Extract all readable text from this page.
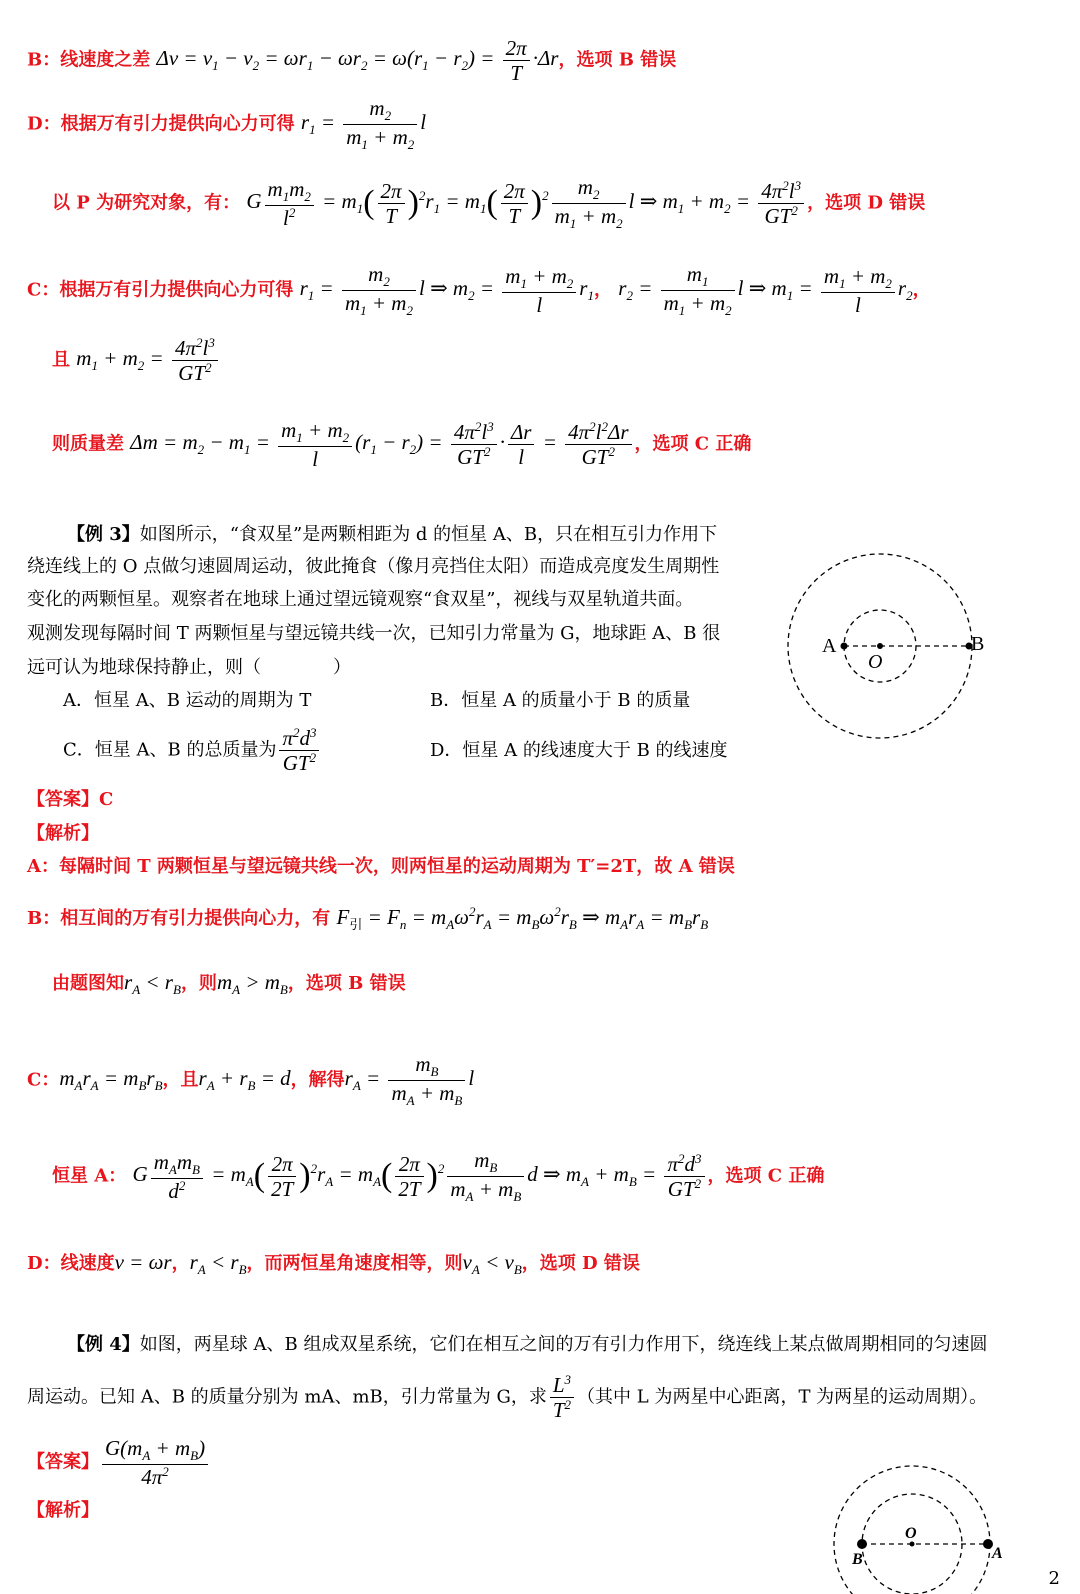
B：线速度之差 $\Delta v = v_1 - v_2 = \omega r_1 - \omega r_2 = \omega(r_1 - r_2) = \frac{2\pi}{T} \cdot\Delta r$，选项 B 错误
D：根据万有引力提供向心力可得 $r_1 = \frac{m_2}{m_1 + m_2}$ l
以 P 为研究对象，有： G $\frac{m_1m_2}{l^2} = m_1( \frac{2\pi}{T} )^2r_1 = m_1( \frac{2\pi}{T} )^2 \frac{m_2}{m_1 + m_2}$ l ⇒ $m_1 + m_2 = \frac{4\pi^2l^3}{GT^2}$ ，选项 D 错误
C：根据万有引力提供向心力可得 $r_1 = \frac{m_2}{m_1 + m_2}$ l ⇒ $m_2 = \frac{m_1 + m_2}{l} r_1$， $r_2 = \frac{m_1}{m_1 + m_2}$ l ⇒ $m_1 = \frac{m_1 + m_2}{l} r_2$，
且 $m_1 + m_2 = \frac{4\pi^2l^3}{GT^2}$
则质量差 $\Delta m = m_2 - m_1 = \frac{m_1 + m_2}{l} (r_1 - r_2) = \frac{4\pi^2l^3}{GT^2} \cdot \frac{\Delta r}{l} = \frac{4\pi^2l^2\Delta r}{GT^2}$ ，选项 C 正确
【例 3】如图所示，“食双星”是两颗相距为 d 的恒星 A、B，只在相互引力作用下
绕连线上的 O 点做匀速圆周运动，彼此掩食（像月亮挡住太阳）而造成亮度发生周期性
变化的两颗恒星。观察者在地球上通过望远镜观察“食双星”，视线与双星轨道共面。
观测发现每隔时间 T 两颗恒星与望远镜共线一次，已知引力常量为 G，地球距 A、B 很
远可认为地球保持静止，则（　　　　）
A．恒星 A、B 运动的周期为 T	B．恒星 A 的质量小于 B 的质量
C．恒星 A、B 的总质量为 $\frac{\pi^2d^3}{GT^2}$	D．恒星 A 的线速度大于 B 的线速度
A
O
B
【答案】C
【解析】
A：每隔时间 T 两颗恒星与望远镜共线一次，则两恒星的运动周期为 T′=2T，故 A 错误
B：相互间的万有引力提供向心力，有 $F_引 = F_n = m_A\omega^2r_A = m_B\omega^2r_B$ ⇒ $m_Ar_A = m_Br_B$
由题图知$r_A < r_B$，则$m_A > m_B$，选项 B 错误
C：$m_Ar_A = m_Br_B$，且$r_A + r_B = d$，解得$r_A = \frac{m_B}{m_A + m_B}$ l
恒星 A： G $\frac{m_Am_B}{d^2} = m_A( \frac{2\pi}{2T} )^2r_A = m_A( \frac{2\pi}{2T} )^2 \frac{m_B}{m_A + m_B}$ d ⇒ $m_A + m_B = \frac{\pi^2d^3}{GT^2}$ ，选项 C 正确
D：线速度v = ωr，$r_A < r_B$，而两恒星角速度相等，则$v_A < v_B$，选项 D 错误
【例 4】如图，两星球 A、B 组成双星系统，它们在相互之间的万有引力作用下，绕连线上某点做周期相同的匀速圆
周运动。已知 A、B 的质量分别为 mA、mB，引力常量为 G，求 $\frac{L^3}{T^2}$ （其中 L 为两星中心距离，T 为两星的运动周期）。
【答案】 $\frac{G(m_A + m_B)}{4\pi^2}$
【解析】
B
O
A
2
